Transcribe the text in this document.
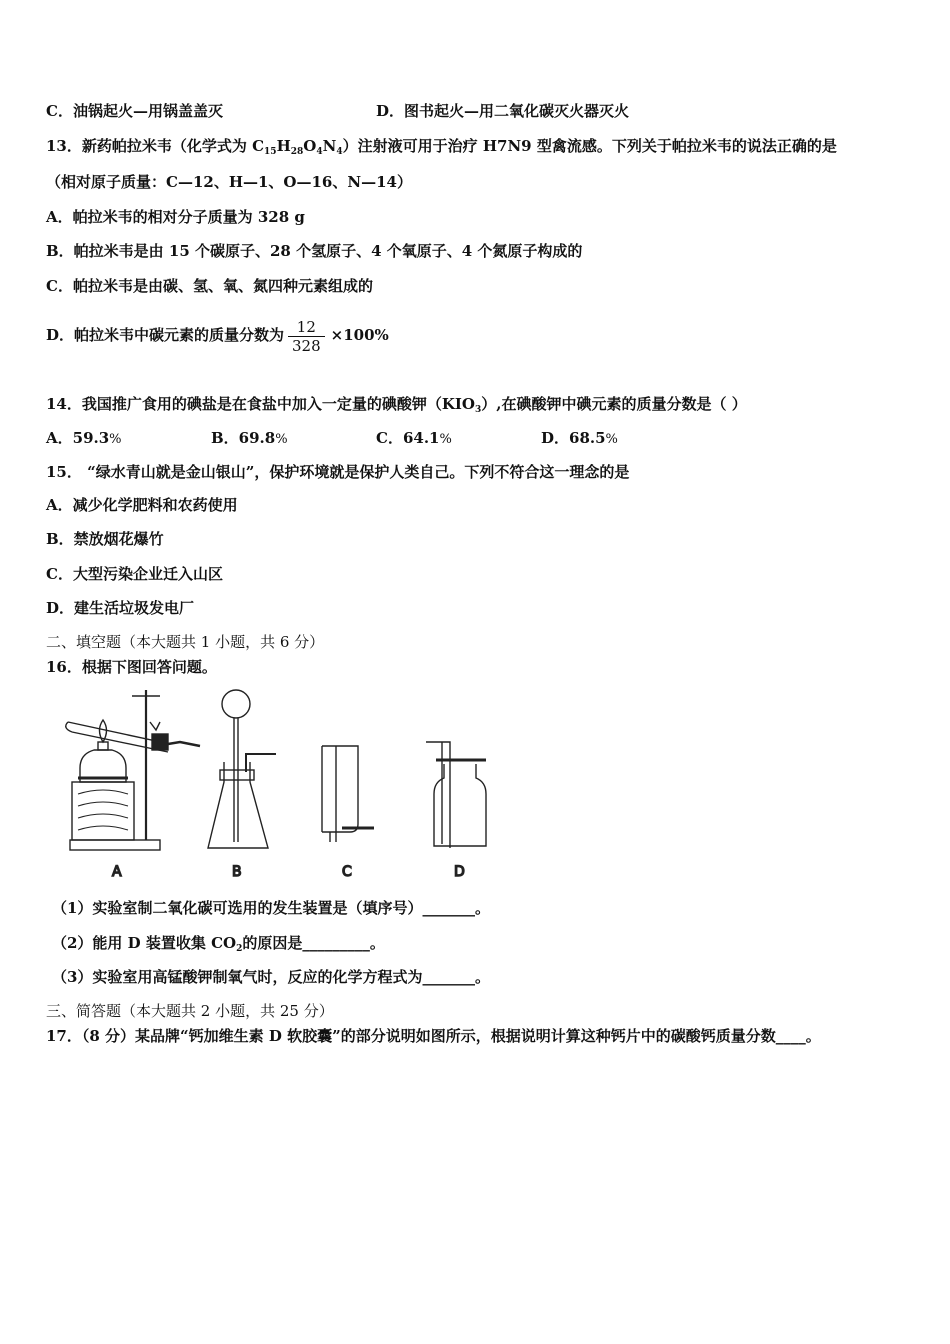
C．油锅起火—用锅盖盖灭	D．图书起火—用二氧化碳灭火器灭火
13．新药帕拉米韦（化学式为 $C_{15}H_{28}O_4N_4$）注射液可用于治疗 H7N9 型禽流感。下列关于帕拉米韦的说法正确的是
（相对原子质量：C—12、H—1、O—16、N—14）
A．帕拉米韦的相对分子质量为 328 g
B．帕拉米韦是由 15 个碳原子、28 个氢原子、4 个氧原子、4 个氮原子构成的
C．帕拉米韦是由碳、氢、氧、氮四种元素组成的
D．帕拉米韦中碳元素的质量分数为 $\frac{12}{328} \times 100\%$
14．我国推广食用的碘盐是在食盐中加入一定量的碘酸钾$(KIO_3)$,在碘酸钾中碘元素的质量分数是（ ）
A．59.3%	B．69.8%	C．64.1%	D．68.5%
15． “绿水青山就是金山银山”，保护环境就是保护人类自己。下列不符合这一理念的是
A．减少化学肥料和农药使用
B．禁放烟花爆竹
C．大型污染企业迁入山区
D．建生活垃圾发电厂
二、填空题（本大题共 1 小题，共 6 分）
16．根据下图回答问题。
A	B	C	D
（1）实验室制二氧化碳可选用的发生装置是（填序号）_______。
（2）能用 D 装置收集 $CO_2$的原因是_________。
（3）实验室用高锰酸钾制氧气时，反应的化学方程式为_______。
三、简答题（本大题共 2 小题，共 25 分）
17．（8 分）某品牌“钙加维生素 D 软胶囊”的部分说明如图所示，根据说明计算这种钙片中的碳酸钙质量分数____。
